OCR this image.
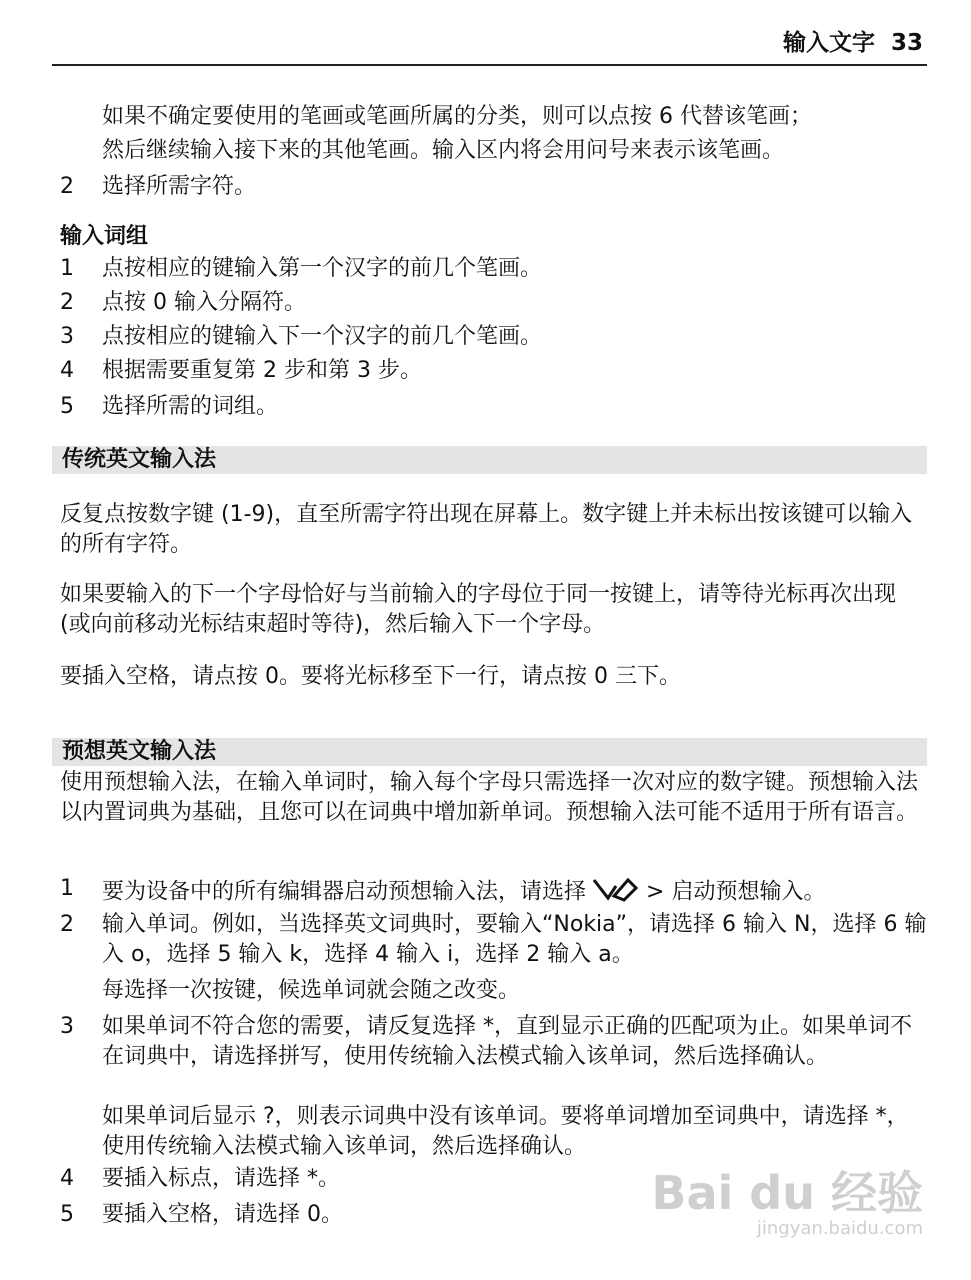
输入文字 33
如果不确定要使用的笔画或笔画所属的分类，则可以点按 6 代替该笔画；
然后继续输入接下来的其他笔画。输入区内将会用问号来表示该笔画。
2 选择所需字符。
输入词组
1 点按相应的键输入第一个汉字的前几个笔画。
2 点按 0 输入分隔符。
3 点按相应的键输入下一个汉字的前几个笔画。
4 根据需要重复第 2 步和第 3 步。
5 选择所需的词组。
传统英文输入法
反复点按数字键 (1-9)，直至所需字符出现在屏幕上。数字键上并未标出按该键可以输入的所有字符。
如果要输入的下一个字母恰好与当前输入的字母位于同一按键上，请等待光标再次出现 (或向前移动光标结束超时等待)，然后输入下一个字母。
要插入空格，请点按 0。要将光标移至下一行，请点按 0 三下。
预想英文输入法
使用预想输入法，在输入单词时，输入每个字母只需选择一次对应的数字键。预想输入法以内置词典为基础，且您可以在词典中增加新单词。预想输入法可能不适用于所有语言。
1 要为设备中的所有编辑器启动预想输入法，请选择	> 启动预想输入。
2 输入单词。例如，当选择英文词典时，要输入“Nokia”，请选择 6 输入 N，选择 6 输入 o，选择 5 输入 k，选择 4 输入 i，选择 2 输入 a。
每选择一次按键，候选单词就会随之改变。
3 如果单词不符合您的需要，请反复选择 *，直到显示正确的匹配项为止。如果单词不在词典中，请选择拼写，使用传统输入法模式输入该单词，然后选择确认。
如果单词后显示 ?，则表示词典中没有该单词。要将单词增加至词典中，请选择 *，使用传统输入法模式输入该单词，然后选择确认。
4 要插入标点，请选择 *。
5 要插入空格，请选择 0。	Bai du 经验
jingyan.baidu.com
